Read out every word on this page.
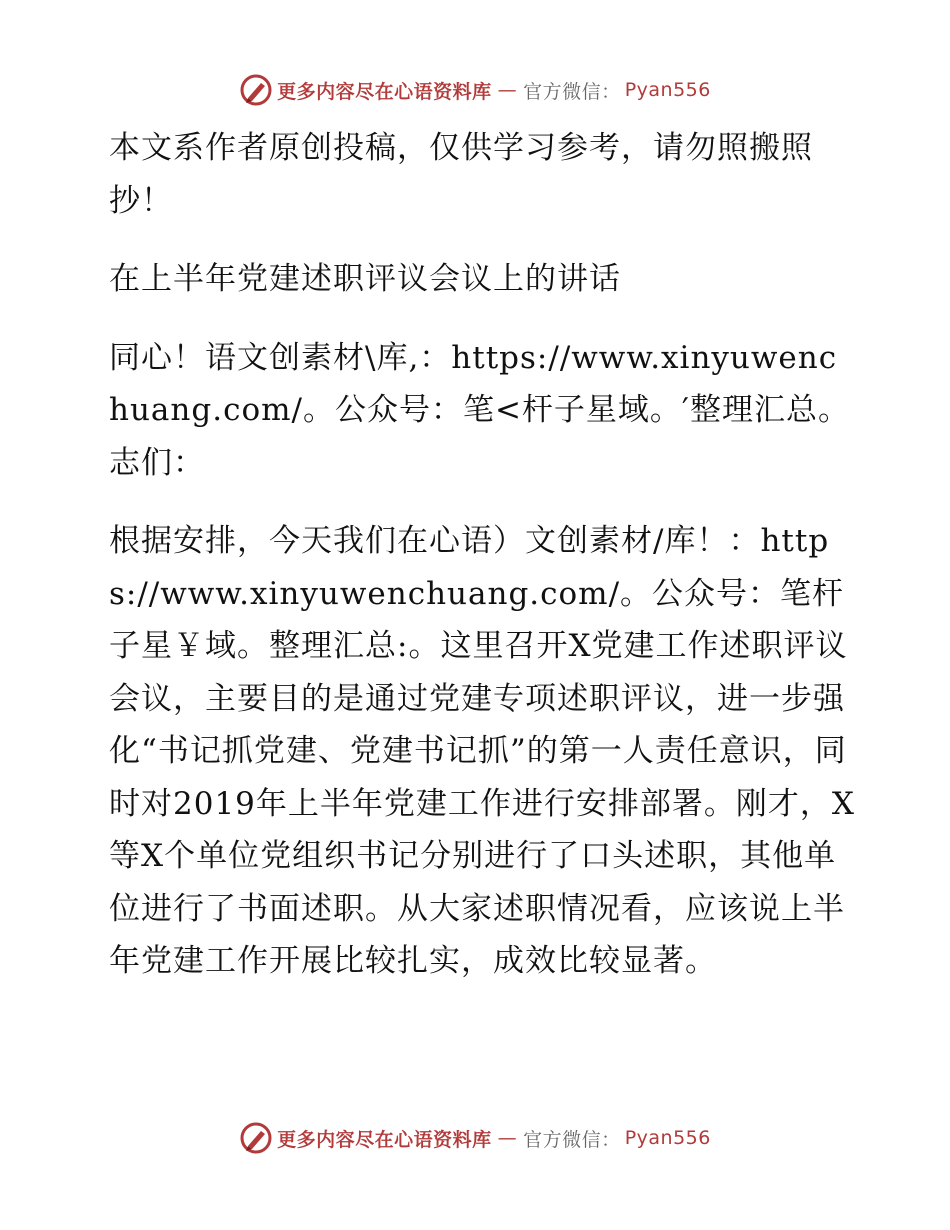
更多内容尽在心语资料库 — 官方微信： Pyan556

本文系作者原创投稿，仅供学习参考，请勿照搬照抄！

在上半年党建述职评议会议上的讲话

同心！语文创素材\库,：https://www.xinyuwenchuang.com/。公众号：笔<杆子星域。′整理汇总。志们：

根据安排，今天我们在心语）文创素材/库！：https://www.xinyuwenchuang.com/。公众号：笔杆子星￥域。整理汇总:。这里召开X党建工作述职评议会议，主要目的是通过党建专项述职评议，进一步强化“书记抓党建、党建书记抓”的第一人责任意识，同时对2019年上半年党建工作进行安排部署。刚才，X等X个单位党组织书记分别进行了口头述职，其他单位进行了书面述职。从大家述职情况看，应该说上半年党建工作开展比较扎实，成效比较显著。

更多内容尽在心语资料库 — 官方微信： Pyan556
